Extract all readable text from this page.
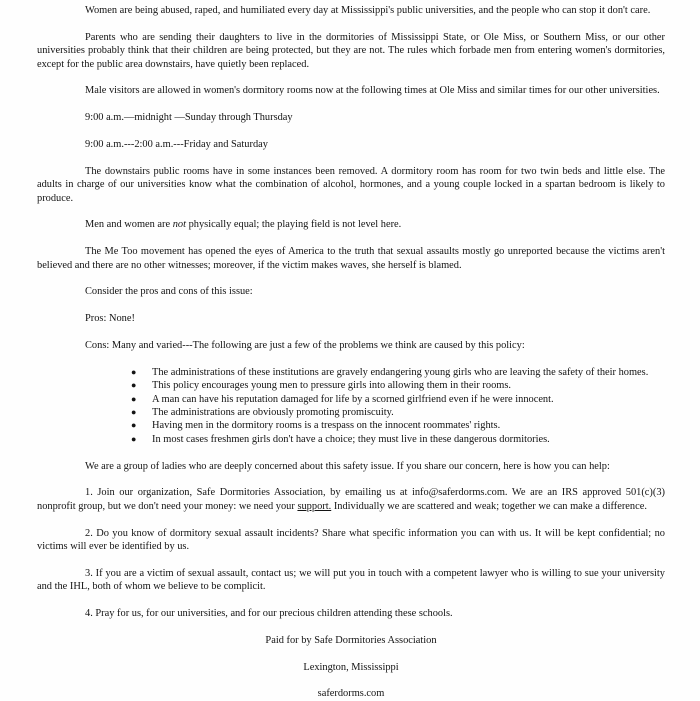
Women are being abused, raped, and humiliated every day at Mississippi's public universities, and the people who can stop it don't care.

Parents who are sending their daughters to live in the dormitories of Mississippi State, or Ole Miss, or Southern Miss, or our other universities probably think that their children are being protected, but they are not. The rules which forbade men from entering women's dormitories, except for the public area downstairs, have quietly been replaced.

Male visitors are allowed in women's dormitory rooms now at the following times at Ole Miss and similar times for our other universities.

9:00 a.m.—midnight —Sunday through Thursday

9:00 a.m.---2:00 a.m.---Friday and Saturday

The downstairs public rooms have in some instances been removed. A dormitory room has room for two twin beds and little else. The adults in charge of our universities know what the combination of alcohol, hormones, and a young couple locked in a spartan bedroom is likely to produce.

Men and women are not physically equal; the playing field is not level here.

The Me Too movement has opened the eyes of America to the truth that sexual assaults mostly go unreported because the victims aren't believed and there are no other witnesses; moreover, if the victim makes waves, she herself is blamed.

Consider the pros and cons of this issue:

Pros: None!

Cons: Many and varied---The following are just a few of the problems we think are caused by this policy:

● The administrations of these institutions are gravely endangering young girls who are leaving the safety of their homes.
● This policy encourages young men to pressure girls into allowing them in their rooms.
● A man can have his reputation damaged for life by a scorned girlfriend even if he were innocent.
● The administrations are obviously promoting promiscuity.
● Having men in the dormitory rooms is a trespass on the innocent roommates' rights.
● In most cases freshmen girls don't have a choice; they must live in these dangerous dormitories.

We are a group of ladies who are deeply concerned about this safety issue. If you share our concern, here is how you can help:

1. Join our organization, Safe Dormitories Association, by emailing us at info@saferdorms.com. We are an IRS approved 501(c)(3) nonprofit group, but we don't need your money: we need your support. Individually we are scattered and weak; together we can make a difference.

2. Do you know of dormitory sexual assault incidents? Share what specific information you can with us. It will be kept confidential; no victims will ever be identified by us.

3. If you are a victim of sexual assault, contact us; we will put you in touch with a competent lawyer who is willing to sue your university and the IHL, both of whom we believe to be complicit.

4. Pray for us, for our universities, and for our precious children attending these schools.

Paid for by Safe Dormitories Association

Lexington, Mississippi

saferdorms.com
